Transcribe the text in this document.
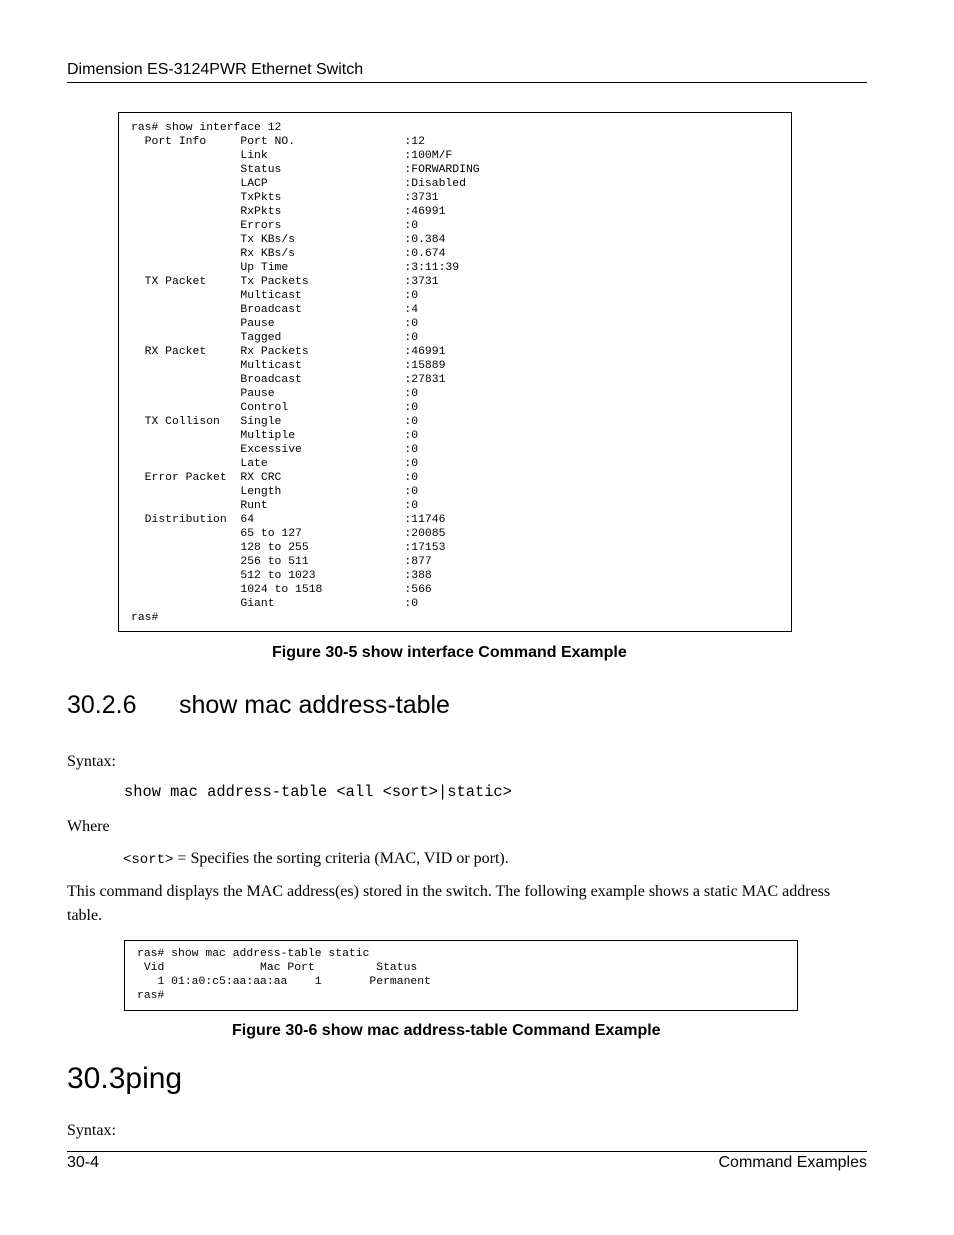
Dimension ES-3124PWR Ethernet Switch
ras# show interface 12
Port Info     Port NO.                :12
Link                    :100M/F
Status                  :FORWARDING
LACP                    :Disabled
TxPkts                  :3731
RxPkts                  :46991
Errors                  :0
Tx KBs/s                :0.384
Rx KBs/s                :0.674
Up Time                 :3:11:39
TX Packet     Tx Packets              :3731
Multicast               :0
Broadcast               :4
Pause                   :0
Tagged                  :0
RX Packet     Rx Packets              :46991
Multicast               :15889
Broadcast               :27831
Pause                   :0
Control                 :0
TX Collison   Single                  :0
Multiple                :0
Excessive               :0
Late                    :0
Error Packet  RX CRC                  :0
Length                  :0
Runt                    :0
Distribution  64                      :11746
65 to 127               :20085
128 to 255              :17153
256 to 511              :877
512 to 1023             :388
1024 to 1518            :566
Giant                   :0
ras#
Figure 30-5 show interface Command Example
30.2.6 show mac address-table
Syntax:
show mac address-table <all <sort>|static>
Where
<sort> = Specifies the sorting criteria (MAC, VID or port).
This command displays the MAC address(es) stored in the switch. The following example shows a static MAC address table.
ras# show mac address-table static
Vid              Mac Port         Status
1 01:a0:c5:aa:aa:aa    1       Permanent
ras#
Figure 30-6 show mac address-table Command Example
30.3ping
Syntax:
30-4	Command Examples
